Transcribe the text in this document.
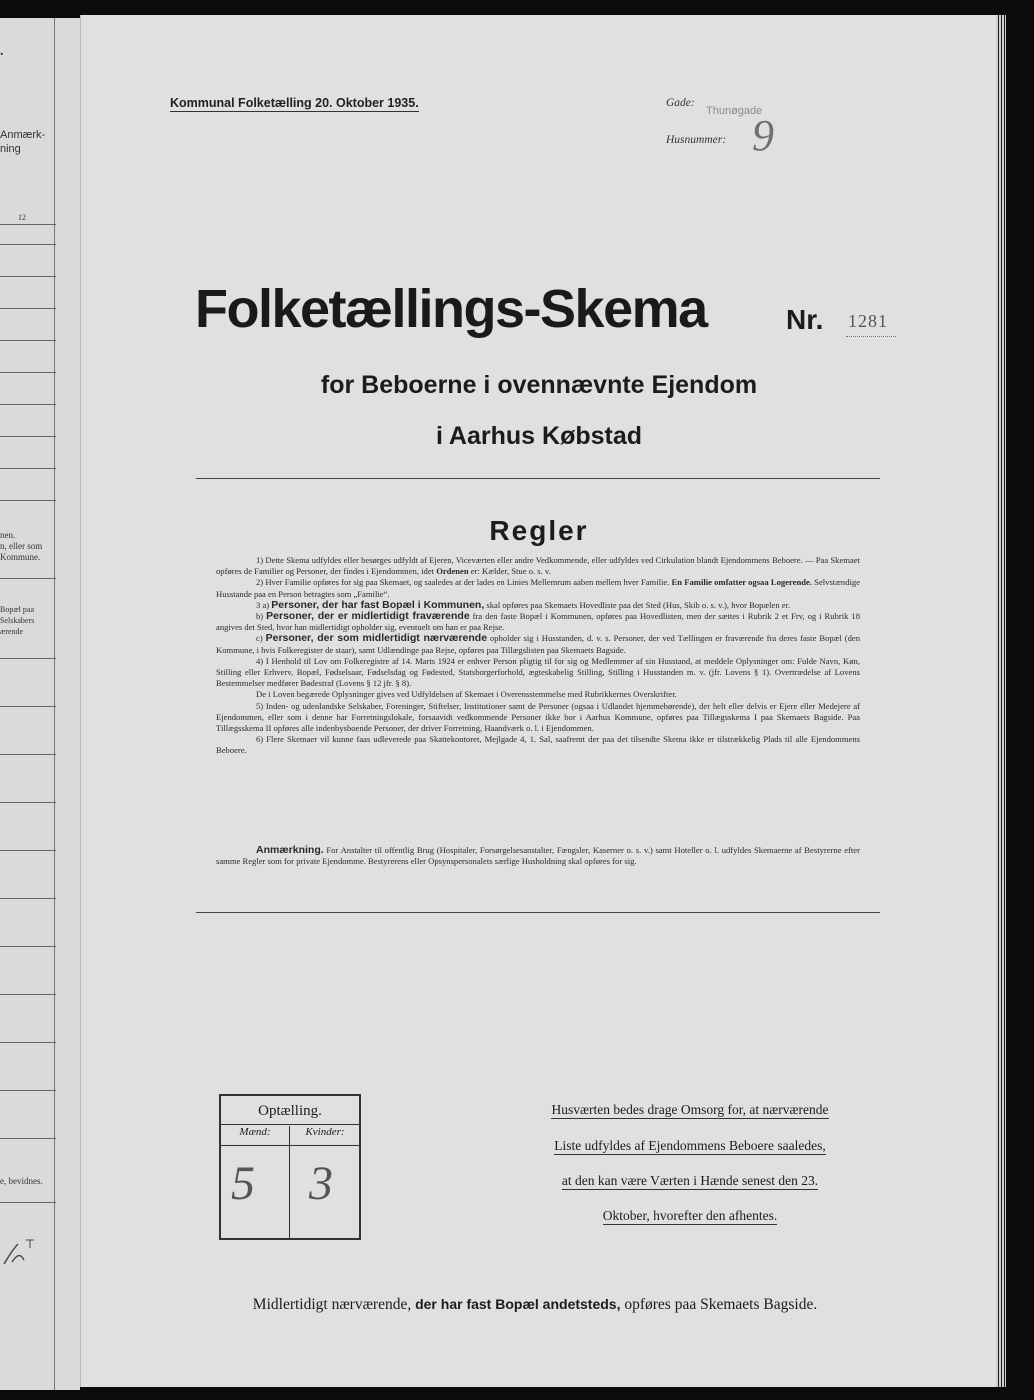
.
Anmærk-
ning
12
nen.
n, eller som
Kommune.
Bopæl paa
Selskabers
ærende
e, bevidnes.
Kommunal Folketælling 20. Oktober 1935.	Gade:
Thunøgade
Husnummer: 9
Folketællings-Skema	Nr. 1281
for Beboerne i ovennævnte Ejendom
i Aarhus Købstad
Regler

1) Dette Skema udfyldes eller besørges udfyldt af Ejeren, Viceværten eller andre Vedkommende, eller udfyldes ved Cirkulation blandt Ejendommens Beboere. — Paa Skemaet opføres de Familier og Personer, der findes i Ejendommen, idet Ordenen er: Kælder, Stue o. s. v.

2) Hver Familie opføres for sig paa Skemaet, og saaledes at der lades en Linies Mellemrum aaben mellem hver Familie. En Familie omfatter ogsaa Logerende. Selvstændige Husstande paa en Person betragtes som „Familie“.

3 a) Personer, der har fast Bopæl i Kommunen, skal opføres paa Skemaets Hovedliste paa det Sted (Hus, Skib o. s. v.), hvor Bopælen er.

b) Personer, der er midlertidigt fraværende fra den faste Bopæl i Kommunen, opføres paa Hovedlisten, men der sættes i Rubrik 2 et Frv, og i Rubrik 18 angives det Sted, hvor han midlertidigt opholder sig, eventuelt om han er paa Rejse.

c) Personer, der som midlertidigt nærværende opholder sig i Husstanden, d. v. s. Personer, der ved Tællingen er fraværende fra deres faste Bopæl (den Kommune, i hvis Folkeregister de staar), samt Udlændinge paa Rejse, opføres paa Tillægslisten paa Skemaets Bagside.

4) I Henhold til Lov om Folkeregistre af 14. Marts 1924 er enhver Person pligtig til for sig og Medlemmer af sin Husstand, at meddele Oplysninger om: Fulde Navn, Køn, Stilling eller Erhverv, Bopæl, Fødselsaar, Fødselsdag og Fødested, Statsborgerforhold, ægteskabelig Stilling, Stilling i Husstanden m. v. (jfr. Lovens § 1). Overtrædelse af Lovens Bestemmelser medfører Bødestraf (Lovens § 12 jfr. § 8).

De i Loven begærede Oplysninger gives ved Udfyldelsen af Skemaet i Overensstemmelse med Rubrikkernes Overskrifter.

5) Inden- og udenlandske Selskaber, Foreninger, Stiftelser, Institutioner samt de Personer (ogsaa i Udlandet hjemmehørende), der helt eller delvis er Ejere eller Medejere af Ejendommen, eller som i denne har Forretningslokale, forsaavidt vedkommende Personer ikke bor i Aarhus Kommune, opføres paa Tillægsskema I paa Skemaets Bagside. Paa Tillægsskema II opføres alle indenbysboende Personer, der driver Forretning, Haandværk o. l. i Ejendommen.

6) Flere Skemaer vil kunne faas udleverede paa Skattekontoret, Mejlgade 4, 1. Sal, saafremt der paa det tilsendte Skema ikke er tilstrækkelig Plads til alle Ejendommens Beboere.

Anmærkning. For Anstalter til offentlig Brug (Hospitaler, Forsørgelsesanstalter, Fængsler, Kaserner o. s. v.) samt Hoteller o. l. udfyldes Skemaerne af Bestyrerne efter samme Regler som for private Ejendomme. Bestyrerens eller Opsynspersonalets særlige Husholdning skal opføres for sig.

Optælling.
Mænd:	Kvinder:
5 3
Husværten bedes drage Omsorg for, at nærværende
Liste udfyldes af Ejendommens Beboere saaledes,
at den kan være Værten i Hænde senest den 23.
Oktober, hvorefter den afhentes.
Midlertidigt nærværende, der har fast Bopæl andetsteds, opføres paa Skemaets Bagside.
